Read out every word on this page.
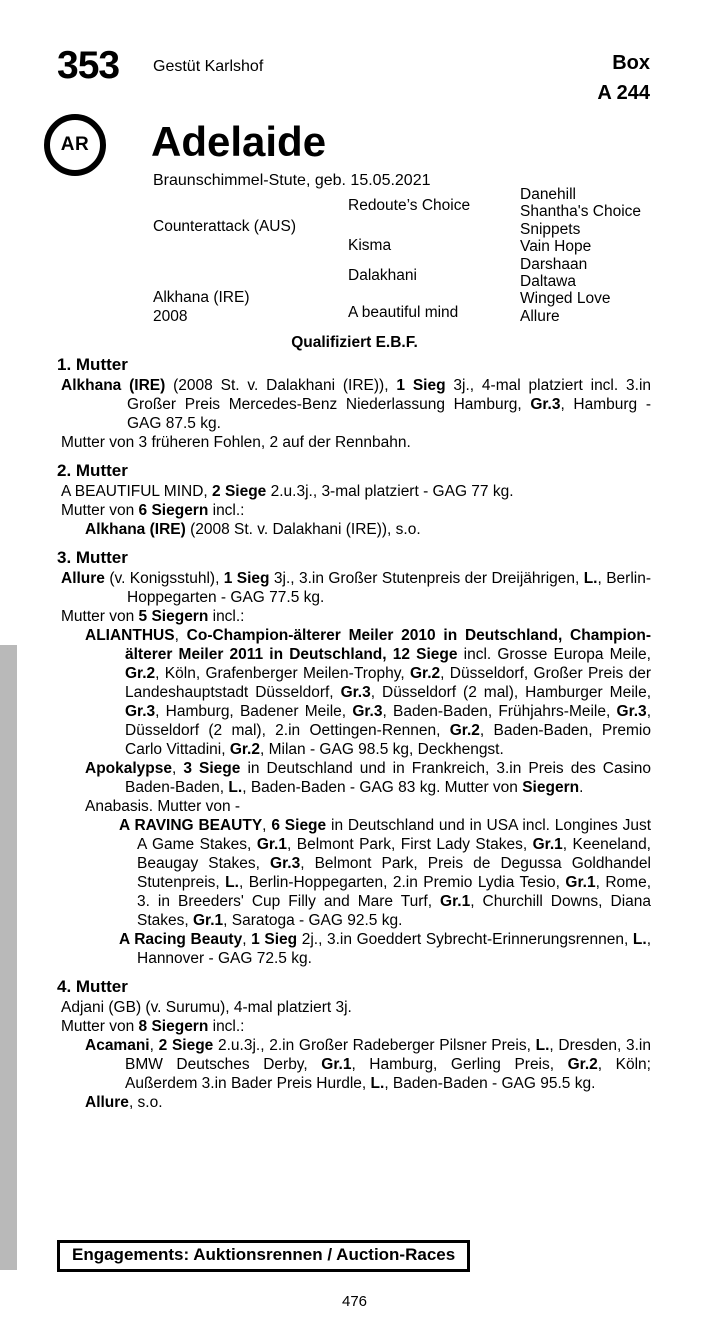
353 Gestüt Karlshof	Box
A 244
AR Adelaide
Braunschimmel-Stute, geb. 15.05.2021
Counterattack (AUS)
Alkhana (IRE)
2008
Redoute’s Choice
Kisma
Dalakhani
A beautiful mind
Danehill
Shantha's Choice
Snippets
Vain Hope
Darshaan
Daltawa
Winged Love
Allure
Qualifiziert E.B.F.
1. Mutter
Alkhana (IRE) (2008 St. v. Dalakhani (IRE)), 1 Sieg 3j., 4-mal platziert incl. 3.in Großer Preis Mercedes-Benz Niederlassung Hamburg, Gr.3, Hamburg - GAG 87.5 kg.
Mutter von 3 früheren Fohlen, 2 auf der Rennbahn.
2. Mutter
A BEAUTIFUL MIND, 2 Siege 2.u.3j., 3-mal platziert - GAG 77 kg.
Mutter von 6 Siegern incl.:
Alkhana (IRE) (2008 St. v. Dalakhani (IRE)), s.o.
3. Mutter
Allure (v. Konigsstuhl), 1 Sieg 3j., 3.in Großer Stutenpreis der Dreijährigen, L., Berlin-Hoppegarten - GAG 77.5 kg.
Mutter von 5 Siegern incl.:
ALIANTHUS, Co-Champion-älterer Meiler 2010 in Deutschland, Champion-älterer Meiler 2011 in Deutschland, 12 Siege incl. Grosse Europa Meile, Gr.2, Köln, Grafenberger Meilen-Trophy, Gr.2, Düsseldorf, Großer Preis der Landeshauptstadt Düsseldorf, Gr.3, Düsseldorf (2 mal), Hamburger Meile, Gr.3, Hamburg, Badener Meile, Gr.3, Baden-Baden, Frühjahrs-Meile, Gr.3, Düsseldorf (2 mal), 2.in Oettingen-Rennen, Gr.2, Baden-Baden, Premio Carlo Vittadini, Gr.2, Milan - GAG 98.5 kg, Deckhengst.
Apokalypse, 3 Siege in Deutschland und in Frankreich, 3.in Preis des Casino Baden-Baden, L., Baden-Baden - GAG 83 kg. Mutter von Siegern.
Anabasis. Mutter von -
A RAVING BEAUTY, 6 Siege in Deutschland und in USA incl. Longines Just A Game Stakes, Gr.1, Belmont Park, First Lady Stakes, Gr.1, Keeneland, Beaugay Stakes, Gr.3, Belmont Park, Preis de Degussa Goldhandel Stutenpreis, L., Berlin-Hoppegarten, 2.in Premio Lydia Tesio, Gr.1, Rome, 3. in Breeders' Cup Filly and Mare Turf, Gr.1, Churchill Downs, Diana Stakes, Gr.1, Saratoga - GAG 92.5 kg.
A Racing Beauty, 1 Sieg 2j., 3.in Goeddert Sybrecht-Erinnerungsrennen, L., Hannover - GAG 72.5 kg.
4. Mutter
Adjani (GB) (v. Surumu), 4-mal platziert 3j.
Mutter von 8 Siegern incl.:
Acamani, 2 Siege 2.u.3j., 2.in Großer Radeberger Pilsner Preis, L., Dresden, 3.in BMW Deutsches Derby, Gr.1, Hamburg, Gerling Preis, Gr.2, Köln; Außerdem 3.in Bader Preis Hurdle, L., Baden-Baden - GAG 95.5 kg.
Allure, s.o.
Engagements: Auktionsrennen / Auction-Races
476
